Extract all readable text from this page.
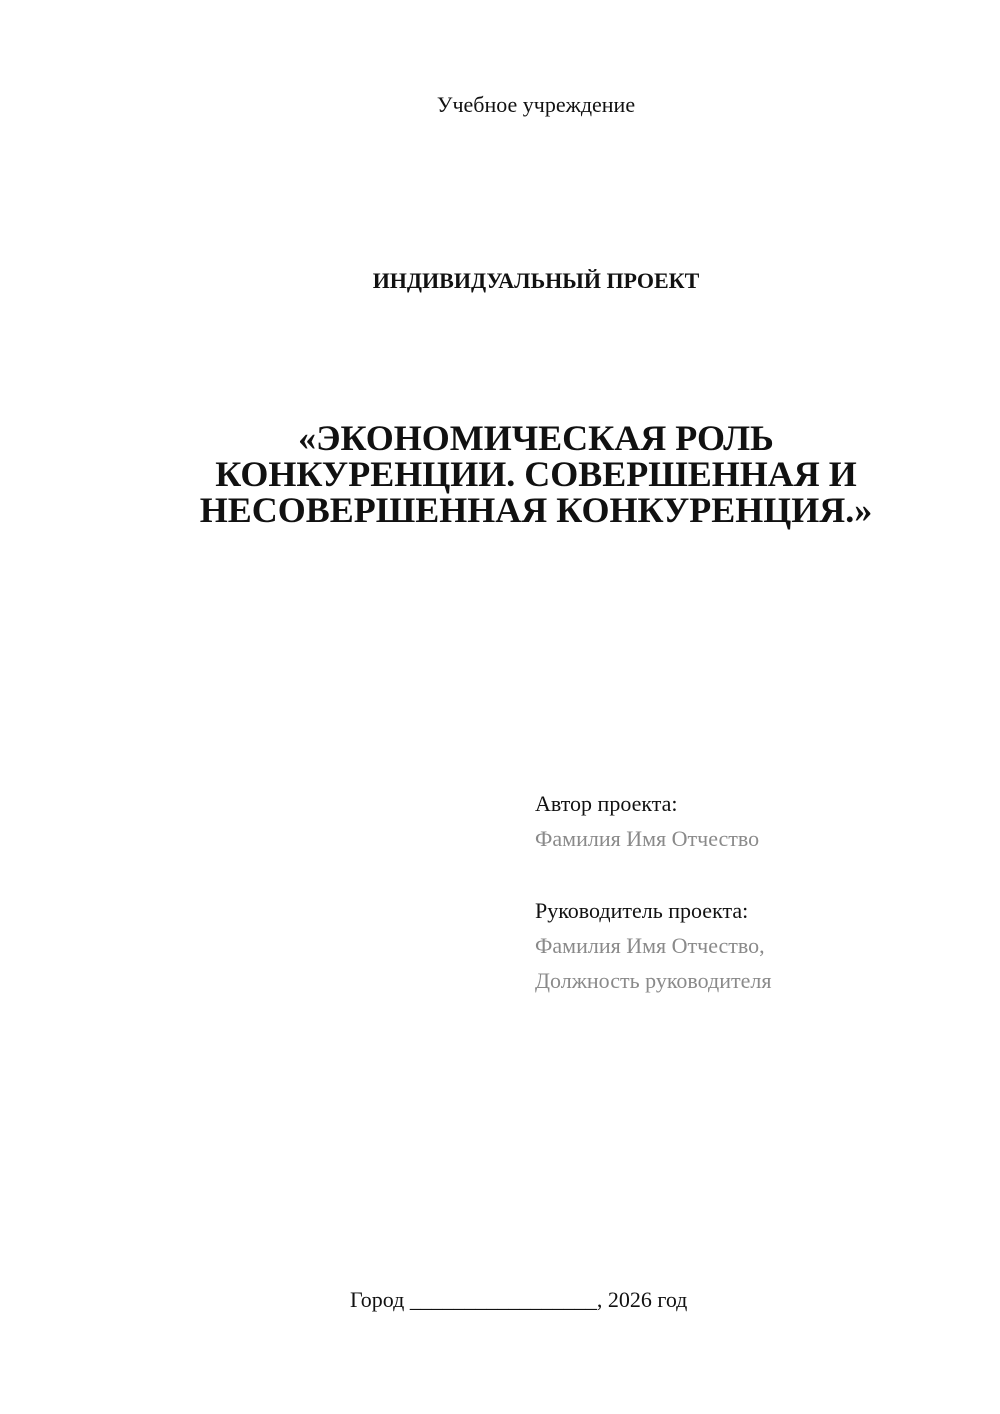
Учебное учреждение
ИНДИВИДУАЛЬНЫЙ ПРОЕКТ
«ЭКОНОМИЧЕСКАЯ РОЛЬ
КОНКУРЕНЦИИ. СОВЕРШЕННАЯ И
НЕСОВЕРШЕННАЯ КОНКУРЕНЦИЯ.»
Автор проекта:
Фамилия Имя Отчество
Руководитель проекта:
Фамилия Имя Отчество,
Должность руководителя
Город _________________, 2026 год
